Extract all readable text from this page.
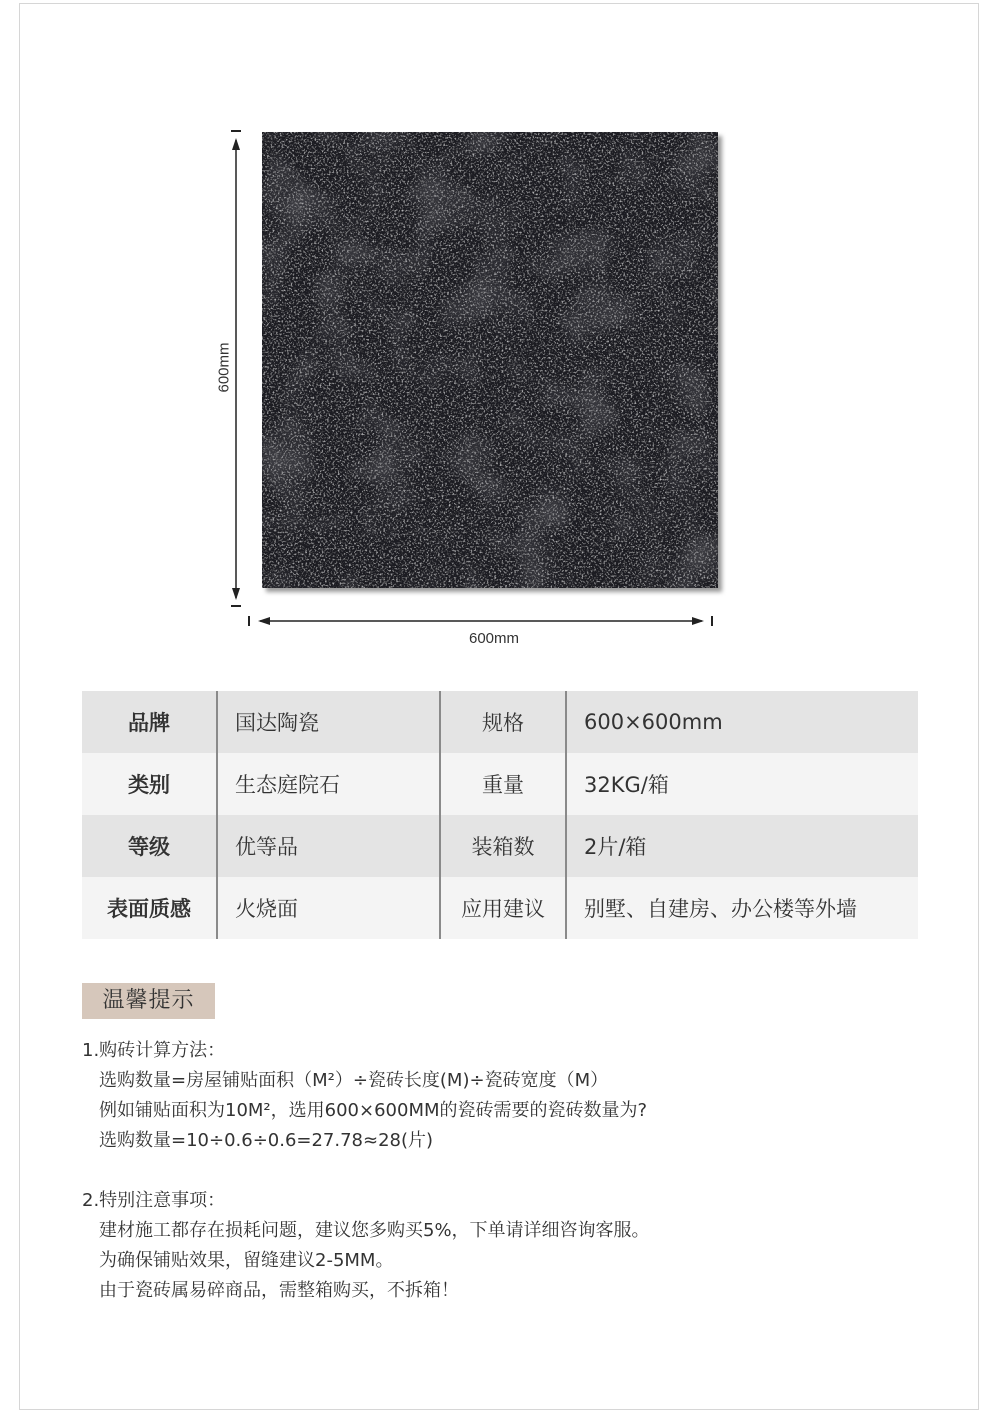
600mm
600mm
品牌	国达陶瓷	规格	600×600mm
类别	生态庭院石	重量	32KG/箱
等级	优等品	装箱数	2片/箱
表面质感	火烧面	应用建议	别墅、自建房、办公楼等外墙
温馨提示

1.购砖计算方法：

选购数量=房屋铺贴面积（M²）÷瓷砖长度(M)÷瓷砖宽度（M）

例如铺贴面积为10M²，选用600×600MM的瓷砖需要的瓷砖数量为?

选购数量=10÷0.6÷0.6=27.78≈28(片)

2.特别注意事项：

建材施工都存在损耗问题，建议您多购买5%，下单请详细咨询客服。

为确保铺贴效果，留缝建议2-5MM。

由于瓷砖属易碎商品，需整箱购买，不拆箱！
